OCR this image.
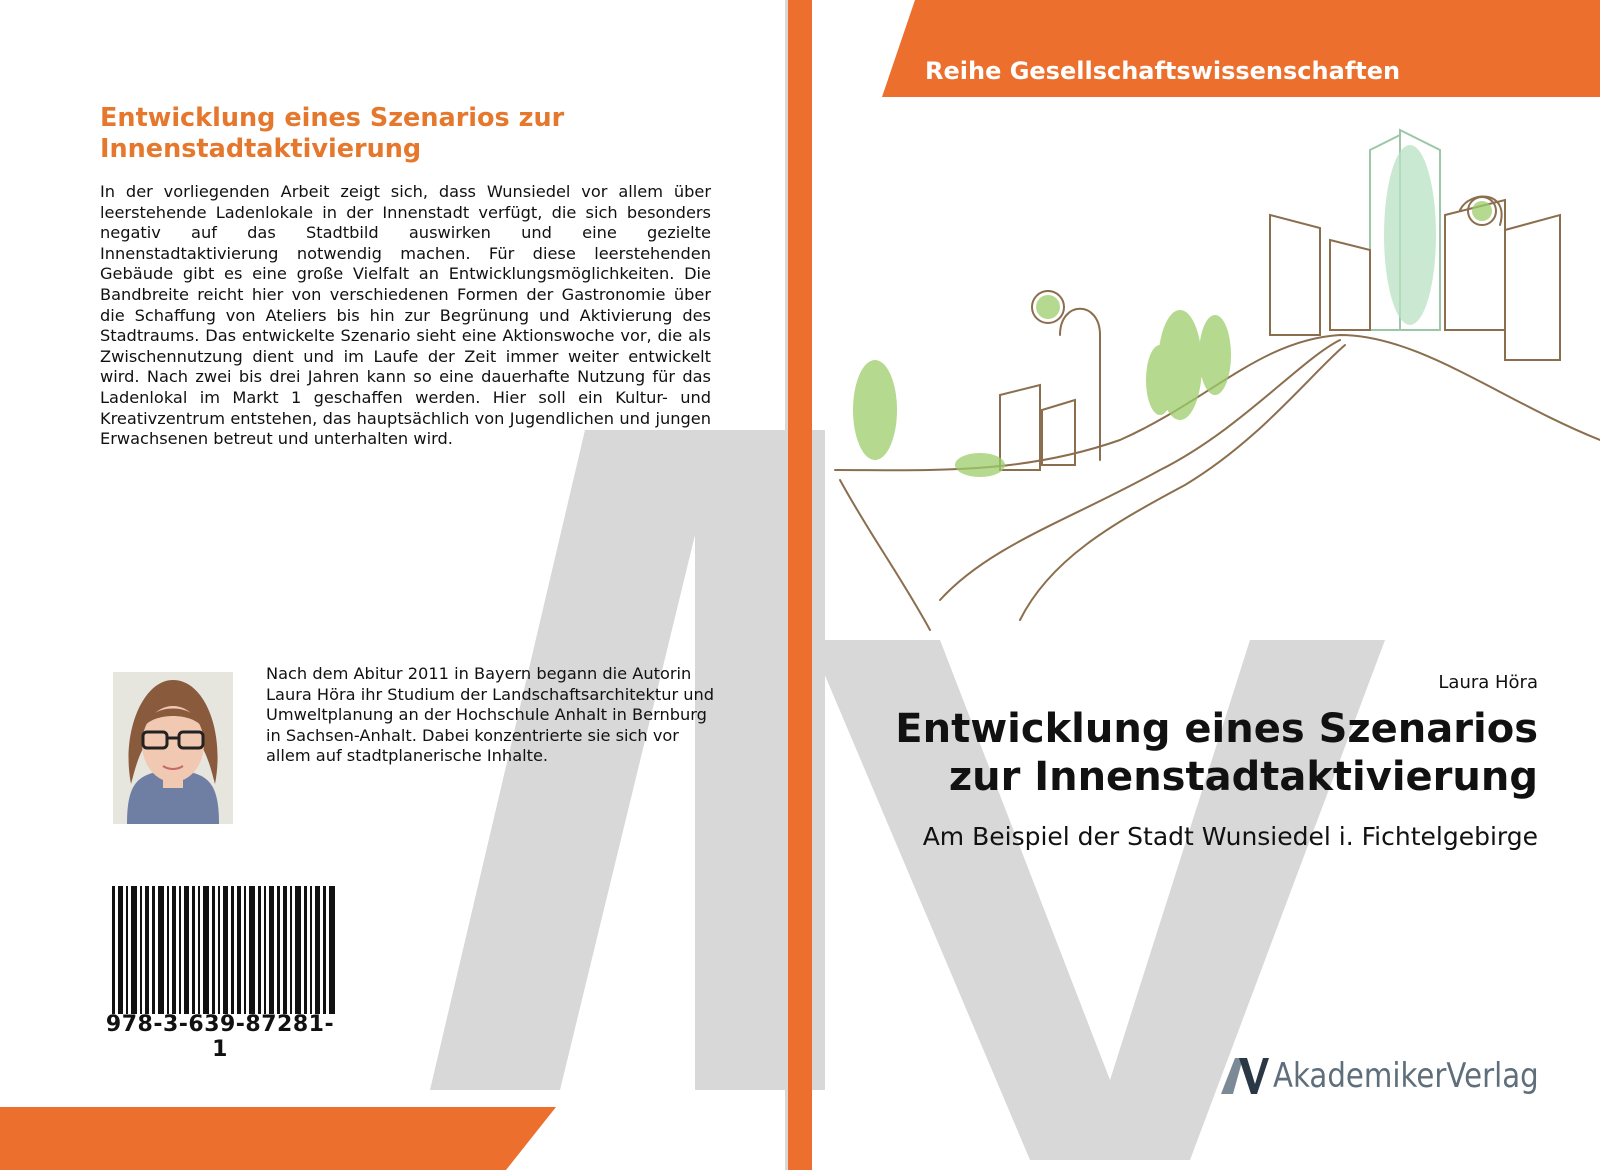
Entwicklung eines Szenarios zur Innenstadtaktivierung

In der vorliegenden Arbeit zeigt sich, dass Wunsiedel vor allem über leerstehende Ladenlokale in der Innenstadt verfügt, die sich besonders negativ auf das Stadtbild auswirken und eine gezielte Innenstadtaktivierung notwendig machen. Für diese leerstehenden Gebäude gibt es eine große Vielfalt an Entwicklungsmöglichkeiten. Die Bandbreite reicht hier von verschiedenen Formen der Gastronomie über die Schaffung von Ateliers bis hin zur Begrünung und Aktivierung des Stadtraums. Das entwickelte Szenario sieht eine Aktionswoche vor, die als Zwischennutzung dient und im Laufe der Zeit immer weiter entwickelt wird. Nach zwei bis drei Jahren kann so eine dauerhafte Nutzung für das Ladenlokal im Markt 1 geschaffen werden. Hier soll ein Kultur- und Kreativzentrum entstehen, das hauptsächlich von Jugendlichen und jungen Erwachsenen betreut und unterhalten wird.

Nach dem Abitur 2011 in Bayern begann die Autorin Laura Höra ihr Studium der Landschaftsarchitektur und Umweltplanung an der Hochschule Anhalt in Bernburg in Sachsen-Anhalt. Dabei konzentrierte sie sich vor allem auf stadtplanerische Inhalte.

978-3-639-87281-1
Reihe Gesellschaftswissenschaften
Laura Höra
Entwicklung eines Szenarios
zur Innenstadtaktivierung
Am Beispiel der Stadt Wunsiedel i. Fichtelgebirge
AkademikerVerlag
